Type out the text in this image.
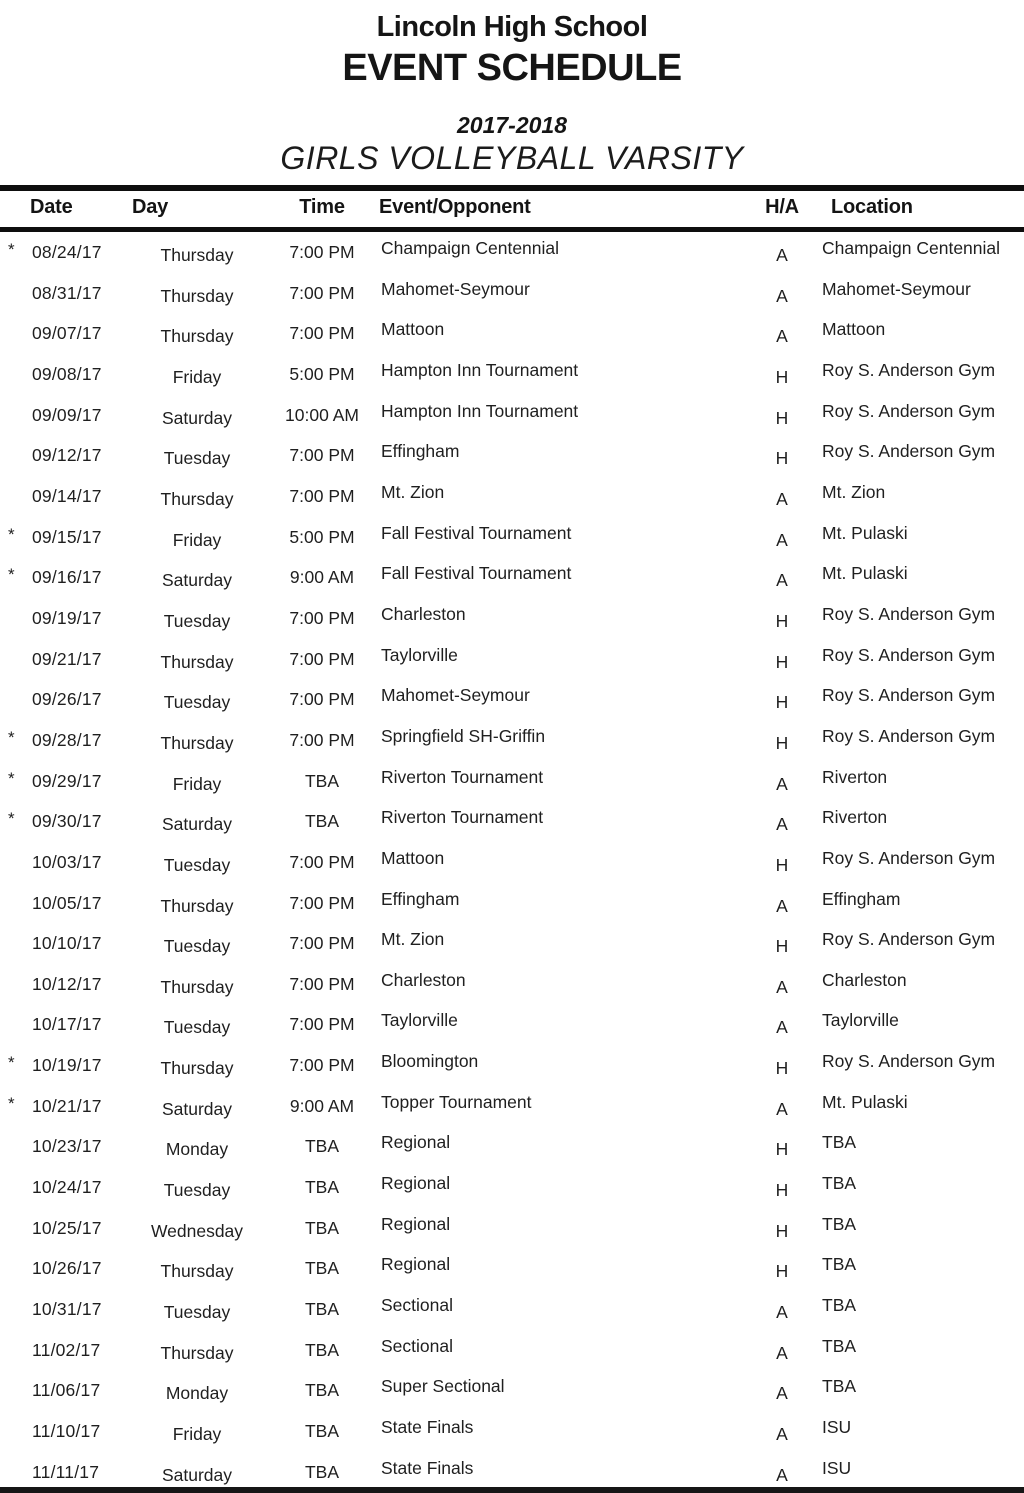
Lincoln High School
EVENT SCHEDULE
2017-2018
GIRLS VOLLEYBALL VARSITY
Date	Day	Time	Event/Opponent	H/A	Location
* 08/24/17	Thursday	7:00 PM	Champaign Centennial	A	Champaign Centennial
08/31/17	Thursday	7:00 PM	Mahomet-Seymour	A	Mahomet-Seymour
09/07/17	Thursday	7:00 PM	Mattoon	A	Mattoon
09/08/17	Friday	5:00 PM	Hampton Inn Tournament	H	Roy S. Anderson Gym
09/09/17	Saturday	10:00 AM	Hampton Inn Tournament	H	Roy S. Anderson Gym
09/12/17	Tuesday	7:00 PM	Effingham	H	Roy S. Anderson Gym
09/14/17	Thursday	7:00 PM	Mt. Zion	A	Mt. Zion
* 09/15/17	Friday	5:00 PM	Fall Festival Tournament	A	Mt. Pulaski
* 09/16/17	Saturday	9:00 AM	Fall Festival Tournament	A	Mt. Pulaski
09/19/17	Tuesday	7:00 PM	Charleston	H	Roy S. Anderson Gym
09/21/17	Thursday	7:00 PM	Taylorville	H	Roy S. Anderson Gym
09/26/17	Tuesday	7:00 PM	Mahomet-Seymour	H	Roy S. Anderson Gym
* 09/28/17	Thursday	7:00 PM	Springfield SH-Griffin	H	Roy S. Anderson Gym
* 09/29/17	Friday	TBA	Riverton Tournament	A	Riverton
* 09/30/17	Saturday	TBA	Riverton Tournament	A	Riverton
10/03/17	Tuesday	7:00 PM	Mattoon	H	Roy S. Anderson Gym
10/05/17	Thursday	7:00 PM	Effingham	A	Effingham
10/10/17	Tuesday	7:00 PM	Mt. Zion	H	Roy S. Anderson Gym
10/12/17	Thursday	7:00 PM	Charleston	A	Charleston
10/17/17	Tuesday	7:00 PM	Taylorville	A	Taylorville
* 10/19/17	Thursday	7:00 PM	Bloomington	H	Roy S. Anderson Gym
* 10/21/17	Saturday	9:00 AM	Topper Tournament	A	Mt. Pulaski
10/23/17	Monday	TBA	Regional	H	TBA
10/24/17	Tuesday	TBA	Regional	H	TBA
10/25/17	Wednesday	TBA	Regional	H	TBA
10/26/17	Thursday	TBA	Regional	H	TBA
10/31/17	Tuesday	TBA	Sectional	A	TBA
11/02/17	Thursday	TBA	Sectional	A	TBA
11/06/17	Monday	TBA	Super Sectional	A	TBA
11/10/17	Friday	TBA	State Finals	A	ISU
11/11/17	Saturday	TBA	State Finals	A	ISU
